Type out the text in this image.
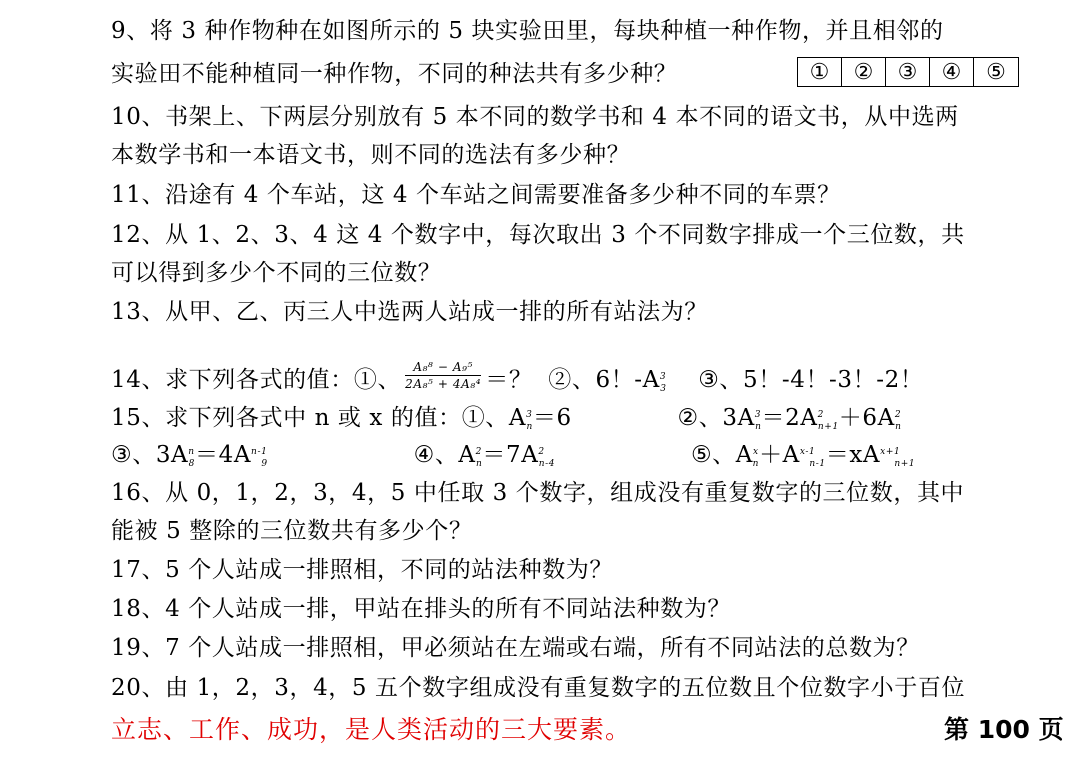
9、将 3 种作物种在如图所示的 5 块实验田里，每块种植一种作物，并且相邻的
实验田不能种植同一种作物，不同的种法共有多少种？	①	②	③	④	⑤
10、书架上、下两层分别放有 5 本不同的数学书和 4 本不同的语文书，从中选两
本数学书和一本语文书，则不同的选法有多少种？
11、沿途有 4 个车站，这 4 个车站之间需要准备多少种不同的车票？
12、从 1、2、3、4 这 4 个数字中，每次取出 3 个不同数字排成一个三位数，共
可以得到多少个不同的三位数？
13、从甲、乙、丙三人中选两人站成一排的所有站法为？
14、求下列各式的值：①、 $\frac{\text{A₈⁸ − A₉⁵}}{\text{2A₈⁵ + 4A₈⁴}}$ ＝？ ②、6！$-A^3_3$ ③、5！-4！-3！-2！
15、求下列各式中 n 或 x 的值：①、$A^3_n=6$	②、$3A^3_n=2A^2_{n+1}+6A^2_n$
③、$3A^n_8=4A^{n-1}_9$	④、$A^2_n=7A^2_{n-4}$	⑤、$A^x_n+A^{x-1}_{n-1}=xA^{x+1}_{n+1}$
16、从 0，1，2，3，4，5 中任取 3 个数字，组成没有重复数字的三位数，其中
能被 5 整除的三位数共有多少个？
17、5 个人站成一排照相，不同的站法种数为？
18、4 个人站成一排，甲站在排头的所有不同站法种数为？
19、7 个人站成一排照相，甲必须站在左端或右端，所有不同站法的总数为？
20、由 1，2，3，4，5 五个数字组成没有重复数字的五位数且个位数字小于百位
立志、工作、成功，是人类活动的三大要素。	第 100 页
